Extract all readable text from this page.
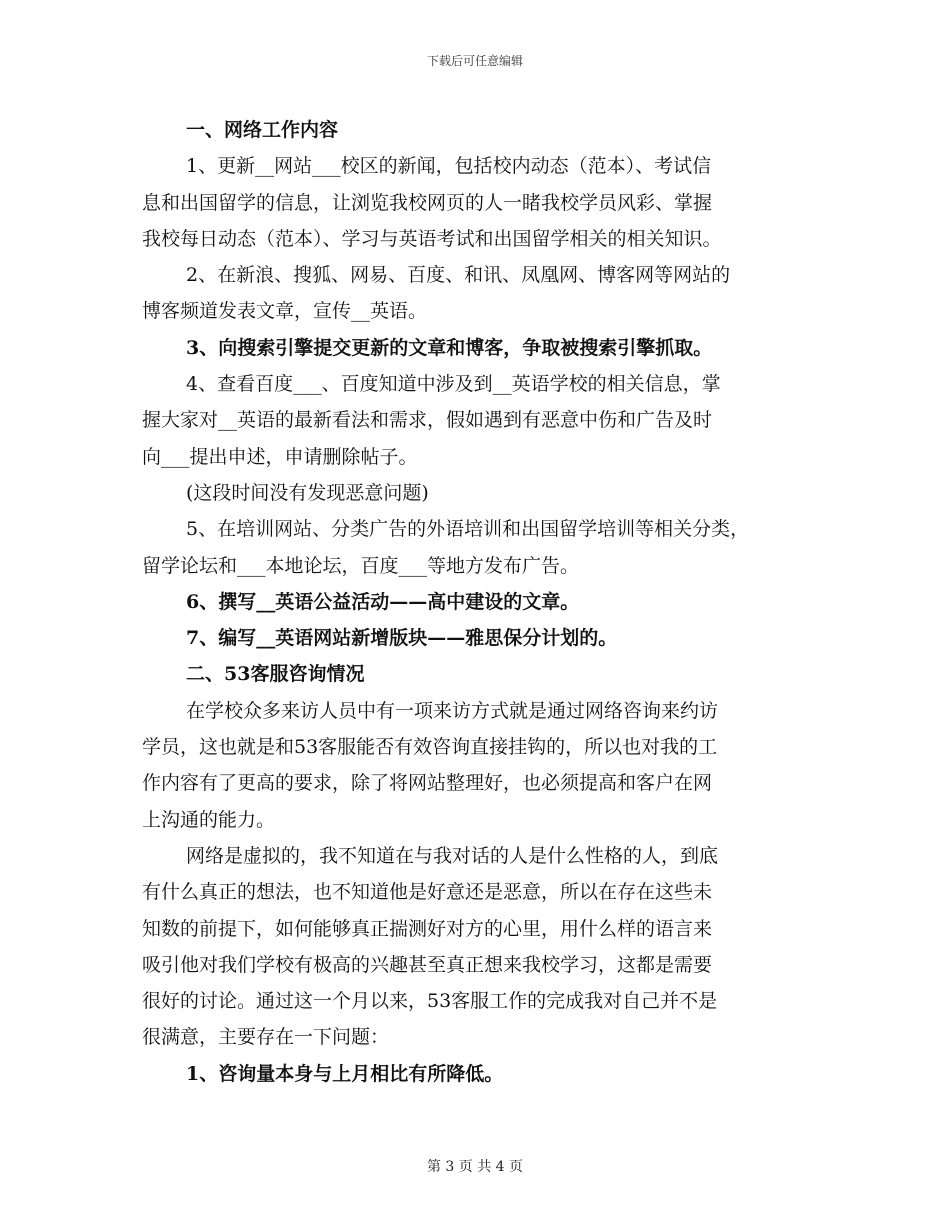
下载后可任意编辑
一、网络工作内容
1、更新__网站___校区的新闻，包括校内动态（范本）、考试信
息和出国留学的信息，让浏览我校网页的人一睹我校学员风彩、掌握
我校每日动态（范本）、学习与英语考试和出国留学相关的相关知识。
2、在新浪、搜狐、网易、百度、和讯、凤凰网、博客网等网站的
博客频道发表文章，宣传__英语。
3、向搜索引擎提交更新的文章和博客，争取被搜索引擎抓取。
4、查看百度___、百度知道中涉及到__英语学校的相关信息，掌
握大家对__英语的最新看法和需求，假如遇到有恶意中伤和广告及时
向___提出申述，申请删除帖子。
(这段时间没有发现恶意问题)
5、在培训网站、分类广告的外语培训和出国留学培训等相关分类，
留学论坛和___本地论坛，百度___等地方发布广告。
6、撰写__英语公益活动——高中建设的文章。
7、编写__英语网站新增版块——雅思保分计划的。
二、53客服咨询情况
在学校众多来访人员中有一项来访方式就是通过网络咨询来约访
学员，这也就是和53客服能否有效咨询直接挂钩的，所以也对我的工
作内容有了更高的要求，除了将网站整理好，也必须提高和客户在网
上沟通的能力。
网络是虚拟的，我不知道在与我对话的人是什么性格的人，到底
有什么真正的想法，也不知道他是好意还是恶意，所以在存在这些未
知数的前提下，如何能够真正揣测好对方的心里，用什么样的语言来
吸引他对我们学校有极高的兴趣甚至真正想来我校学习，这都是需要
很好的讨论。通过这一个月以来，53客服工作的完成我对自己并不是
很满意，主要存在一下问题：
1、咨询量本身与上月相比有所降低。
第 3 页 共 4 页
